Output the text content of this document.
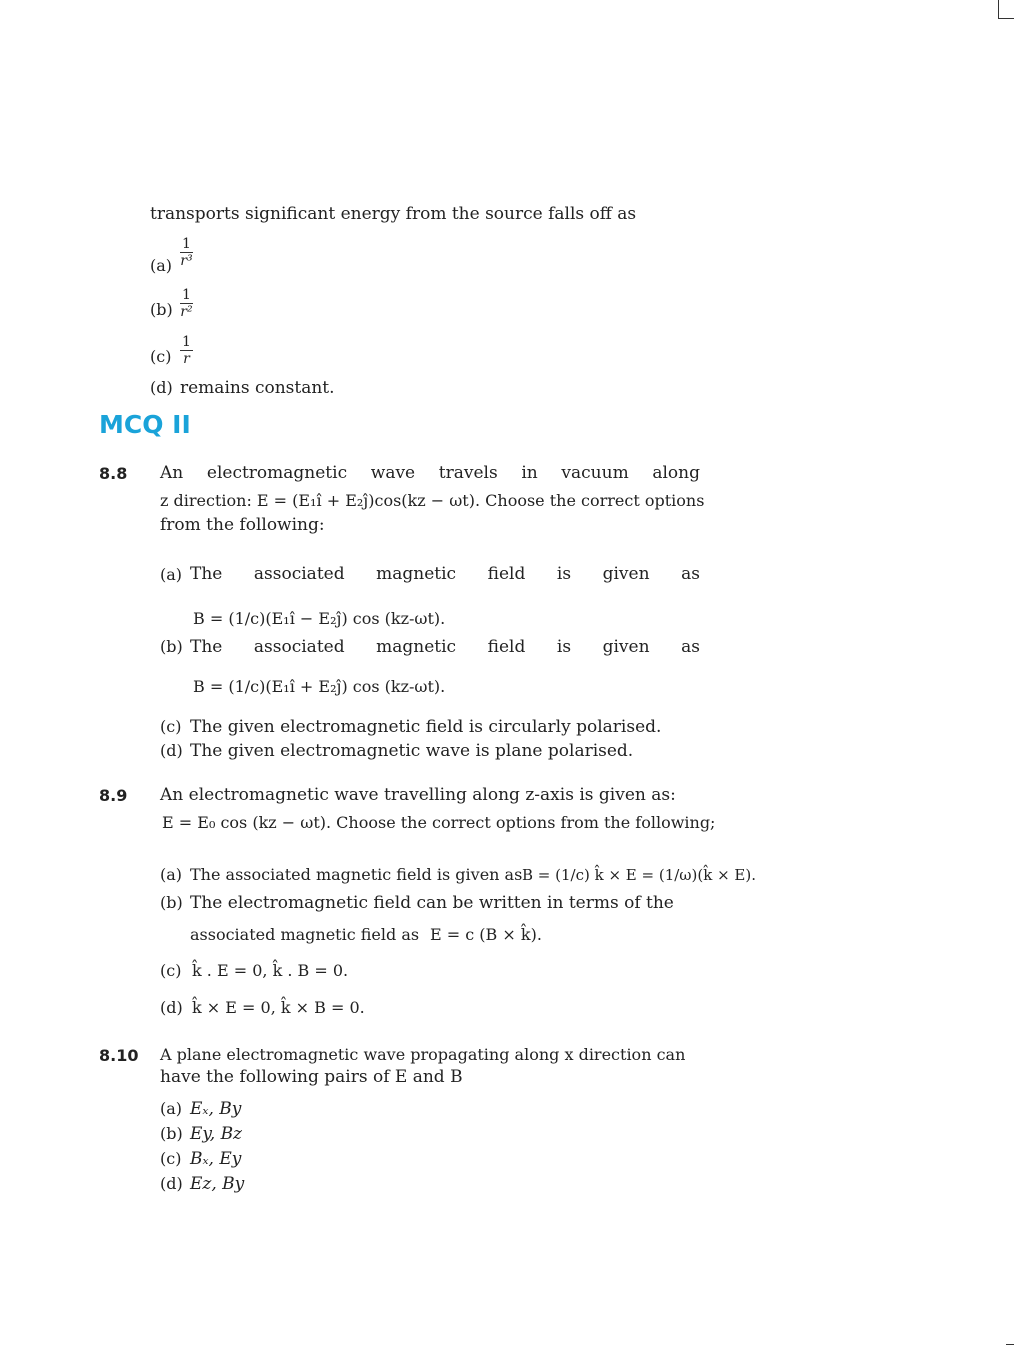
transports significant energy from the source falls off as
$(a) \frac{1}{\text{r³}}$
$(b) \frac{1}{\text{r²}}$
$(c) \frac{1}{r}$
(d) remains constant.
MCQ II
8.8 An electromagnetic wave travels in vacuum along
z direction: E = (E₁î + E₂ĵ)cos(kz − ωt). Choose the correct options
from the following:
(a) The associated magnetic field is given as
B = (1/c)(E₁î − E₂ĵ) cos (kz-ωt).
(b) The associated magnetic field is given as
B = (1/c)(E₁î + E₂ĵ) cos (kz-ωt).
(c) The given electromagnetic field is circularly polarised.
(d) The given electromagnetic wave is plane polarised.
8.9 An electromagnetic wave travelling along z-axis is given as:
E = E₀ cos (kz − ωt). Choose the correct options from the following;
(a) The associated magnetic field is given as B = (1/c) k̂ × E = (1/ω)(k̂ × E).
(b) The electromagnetic field can be written in terms of the
associated magnetic field as E = c (B × k̂).
(c) k̂ . E = 0, k̂ . B = 0.
(d) k̂ × E = 0, k̂ × B = 0.
8.10 A plane electromagnetic wave propagating along x direction can
have the following pairs of E and B
(a) Eₓ, By
(b) Ey, Bz
(c) Bₓ, Ey
(d) Ez, By
